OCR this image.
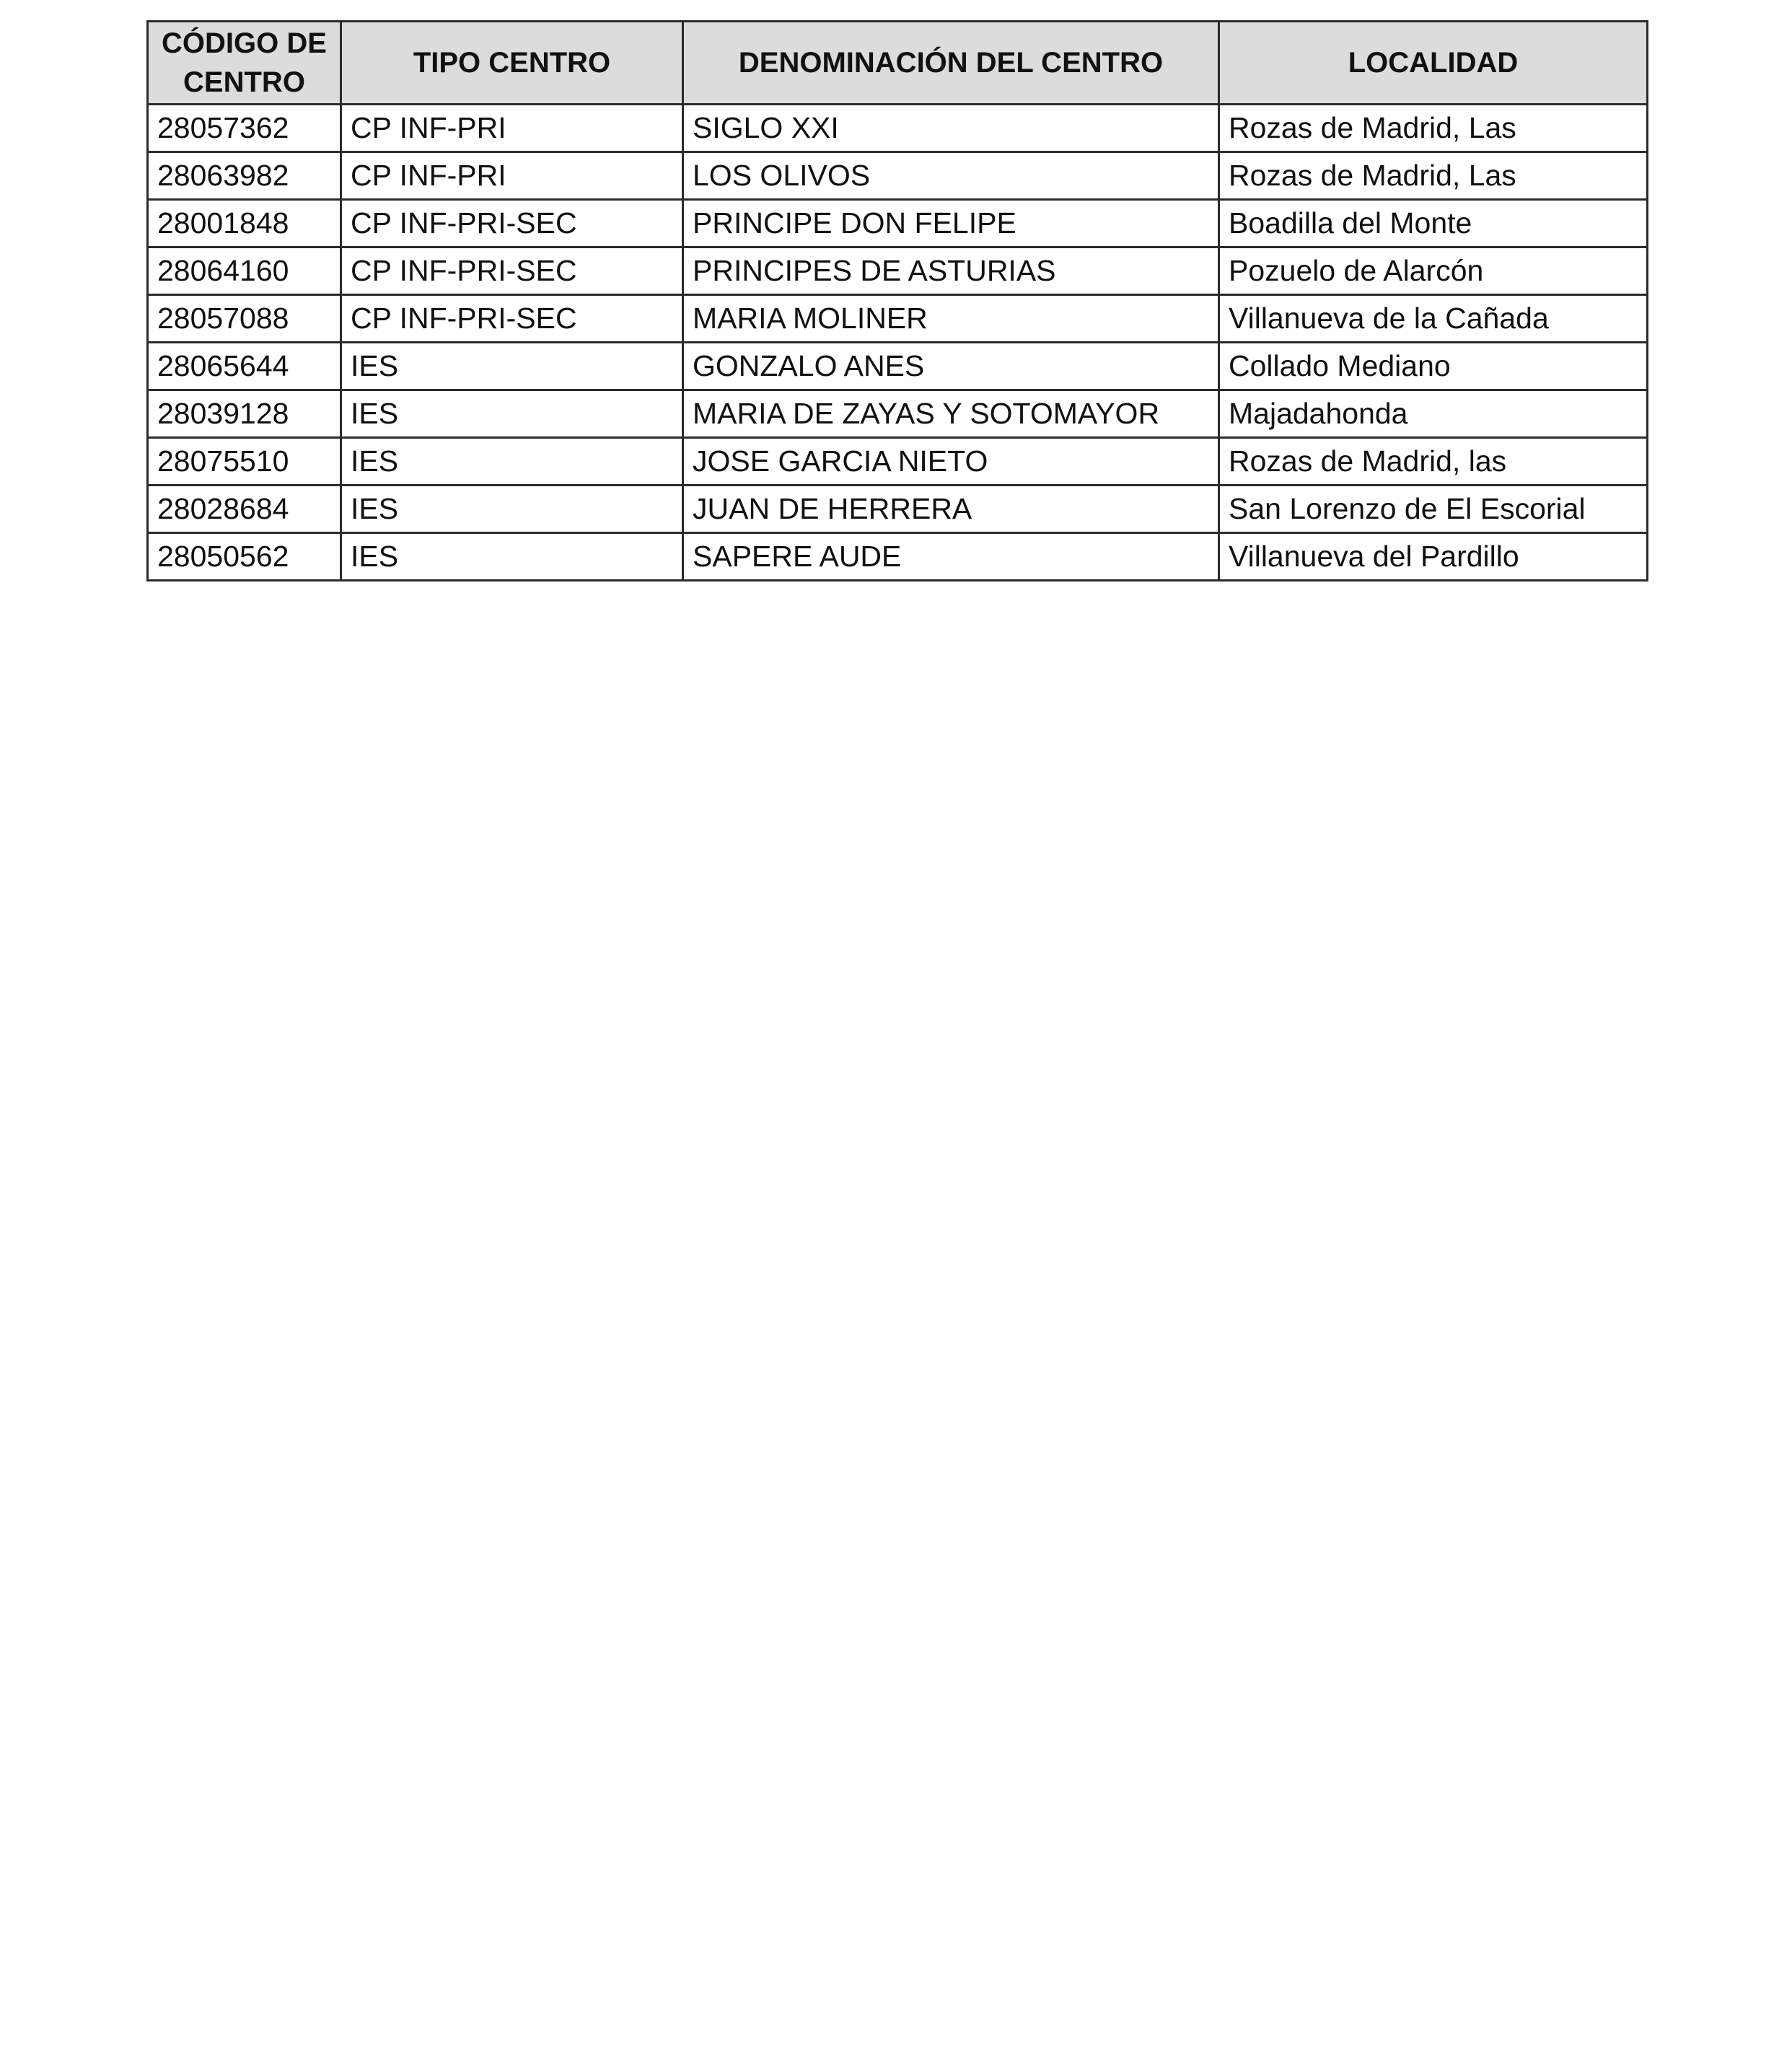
CÓDIGO DE CENTRO	TIPO CENTRO	DENOMINACIÓN DEL CENTRO	LOCALIDAD
28057362	CP INF-PRI	SIGLO XXI	Rozas de Madrid, Las
28063982	CP INF-PRI	LOS OLIVOS	Rozas de Madrid, Las
28001848	CP INF-PRI-SEC	PRINCIPE DON FELIPE	Boadilla del Monte
28064160	CP INF-PRI-SEC	PRINCIPES DE ASTURIAS	Pozuelo de Alarcón
28057088	CP INF-PRI-SEC	MARIA MOLINER	Villanueva de la Cañada
28065644	IES	GONZALO ANES	Collado Mediano
28039128	IES	MARIA DE ZAYAS Y SOTOMAYOR	Majadahonda
28075510	IES	JOSE GARCIA NIETO	Rozas de Madrid, las
28028684	IES	JUAN DE HERRERA	San Lorenzo de El Escorial
28050562	IES	SAPERE AUDE	Villanueva del Pardillo
